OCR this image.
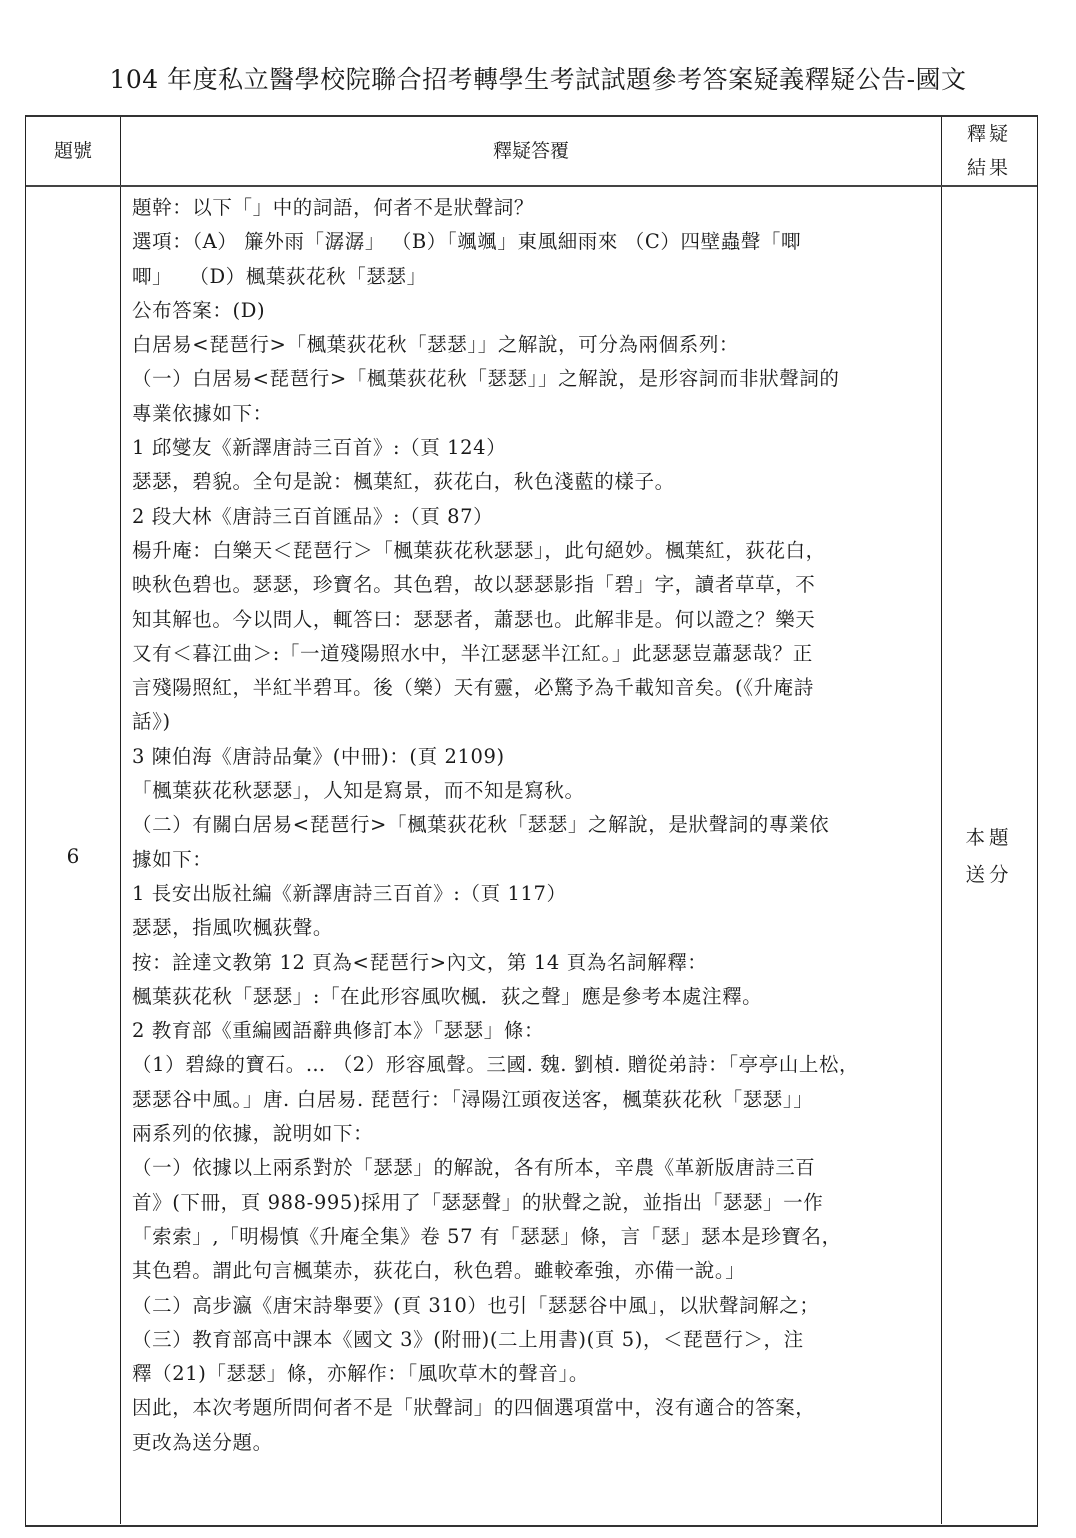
104 年度私立醫學校院聯合招考轉學生考試試題參考答案疑義釋疑公告-國文
題號	釋疑答覆
釋疑
結果
6
題幹：以下「」中的詞語，何者不是狀聲詞？
選項：（A） 簾外雨「潺潺」 （B）「颯颯」東風細雨來 （C）四壁蟲聲「唧
唧」　 （D）楓葉荻花秋「瑟瑟」
公布答案：(D)
白居易<琵琶行>「楓葉荻花秋「瑟瑟」」之解說，可分為兩個系列：
（一）白居易<琵琶行>「楓葉荻花秋「瑟瑟」」之解說，是形容詞而非狀聲詞的
專業依據如下：
1 邱燮友《新譯唐詩三百首》:（頁 124）
瑟瑟，碧貌。全句是說：楓葉紅，荻花白，秋色淺藍的樣子。
2 段大林《唐詩三百首匯品》:（頁 87）
楊升庵：白樂天＜琵琶行＞「楓葉荻花秋瑟瑟」，此句絕妙。楓葉紅，荻花白，
映秋色碧也。瑟瑟，珍寶名。其色碧，故以瑟瑟影指「碧」字，讀者草草，不
知其解也。今以問人，輒答曰：瑟瑟者，蕭瑟也。此解非是。何以證之？樂天
又有＜暮江曲＞:「一道殘陽照水中，半江瑟瑟半江紅。」此瑟瑟豈蕭瑟哉？正
言殘陽照紅，半紅半碧耳。後（樂）天有靈，必驚予為千載知音矣。(《升庵詩
話》)
3 陳伯海《唐詩品彙》(中冊)：(頁 2109)
「楓葉荻花秋瑟瑟」，人知是寫景，而不知是寫秋。
（二）有關白居易<琵琶行>「楓葉荻花秋「瑟瑟」之解說，是狀聲詞的專業依
據如下：
1 長安出版社編《新譯唐詩三百首》:（頁 117）
瑟瑟，指風吹楓荻聲。
按：詮達文教第 12 頁為<琵琶行>內文，第 14 頁為名詞解釋：
楓葉荻花秋「瑟瑟」:「在此形容風吹楓．荻之聲」應是參考本處注釋。
2 教育部《重編國語辭典修訂本》「瑟瑟」條：
（1）碧綠的寶石。… （2）形容風聲。三國. 魏. 劉楨. 贈從弟詩：「亭亭山上松，
瑟瑟谷中風。」唐. 白居易. 琵琶行：「潯陽江頭夜送客，楓葉荻花秋「瑟瑟」」
兩系列的依據，說明如下：
（一）依據以上兩系對於「瑟瑟」的解說，各有所本，辛農《革新版唐詩三百
首》(下冊，頁 988-995)採用了「瑟瑟聲」的狀聲之說，並指出「瑟瑟」一作
「索索」,「明楊慎《升庵全集》卷 57 有「瑟瑟」條，言「瑟」瑟本是珍寶名，
其色碧。謂此句言楓葉赤，荻花白，秋色碧。雖較牽強，亦備一說。」
（二）高步瀛《唐宋詩舉要》(頁 310）也引「瑟瑟谷中風」，以狀聲詞解之；
（三）教育部高中課本《國文 3》(附冊)(二上用書)(頁 5)，＜琵琶行＞，注
釋（21)「瑟瑟」條，亦解作：「風吹草木的聲音」。
因此，本次考題所問何者不是「狀聲詞」的四個選項當中，沒有適合的答案，
更改為送分題。
本題
送分
